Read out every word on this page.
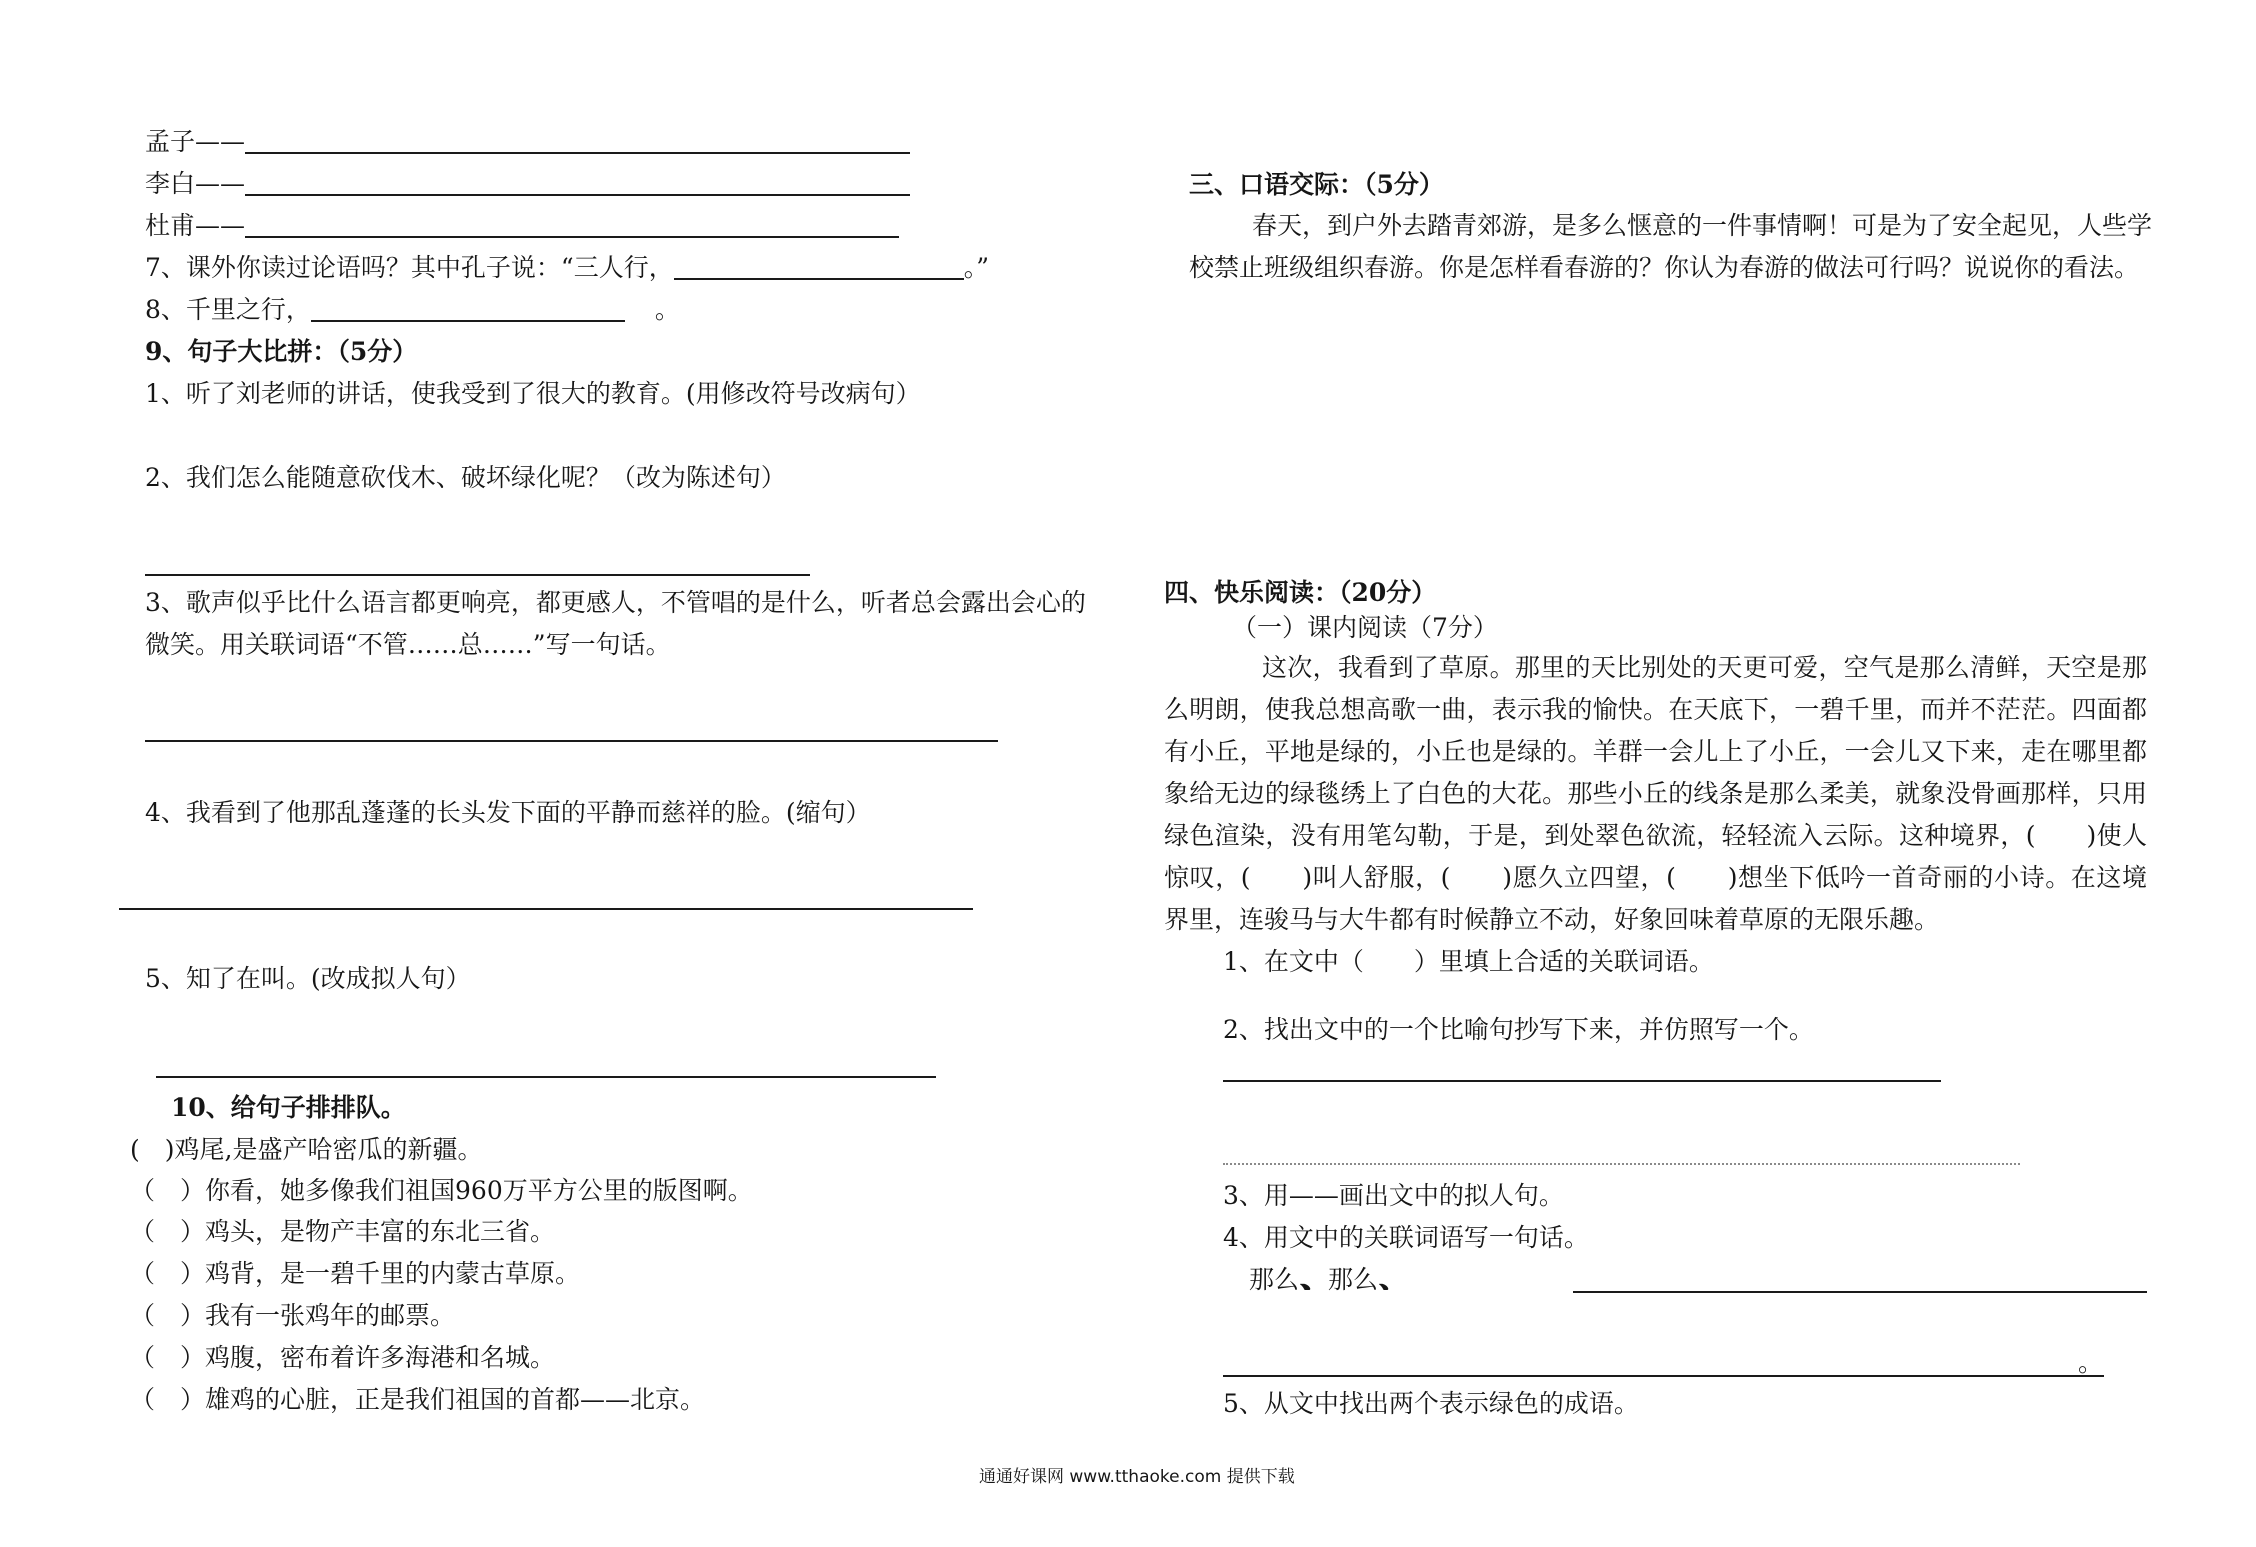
孟子——
李白——
杜甫——
7、课外你读过论语吗？其中孔子说：“三人行，	。”
8、千里之行，	。
9、句子大比拼：（5分）
1、听了刘老师的讲话，使我受到了很大的教育。(用修改符号改病句）
2、我们怎么能随意砍伐木、破坏绿化呢？（改为陈述句）
3、歌声似乎比什么语言都更响亮，都更感人，不管唱的是什么，听者总会露出会心的
微笑。用关联词语“不管……总……”写一句话。
4、我看到了他那乱蓬蓬的长头发下面的平静而慈祥的脸。(缩句）
5、知了在叫。(改成拟人句）
10、给句子排排队。
(　)鸡尾,是盛产哈密瓜的新疆。
（　）你看，她多像我们祖国960万平方公里的版图啊。
（　）鸡头，是物产丰富的东北三省。
（　）鸡背，是一碧千里的内蒙古草原。
（　）我有一张鸡年的邮票。
（　）鸡腹，密布着许多海港和名城。
（　）雄鸡的心脏，正是我们祖国的首都——北京。
三、口语交际：（5分）
春天，到户外去踏青郊游，是多么惬意的一件事情啊！可是为了安全起见，人些学
校禁止班级组织春游。你是怎样看春游的？你认为春游的做法可行吗？说说你的看法。
四、快乐阅读：（20分）
（一）课内阅读（7分）
这次，我看到了草原。那里的天比别处的天更可爱，空气是那么清鲜，天空是那
么明朗，使我总想高歌一曲，表示我的愉快。在天底下，一碧千里，而并不茫茫。四面都
有小丘，平地是绿的，小丘也是绿的。羊群一会儿上了小丘，一会儿又下来，走在哪里都
象给无边的绿毯绣上了白色的大花。那些小丘的线条是那么柔美，就象没骨画那样，只用
绿色渲染，没有用笔勾勒，于是，到处翠色欲流，轻轻流入云际。这种境界，(　　)使人
惊叹，(　　)叫人舒服，(　　)愿久立四望，(　　)想坐下低吟一首奇丽的小诗。在这境
界里，连骏马与大牛都有时候静立不动，好象回味着草原的无限乐趣。
1、在文中（　　）里填上合适的关联词语。
2、找出文中的一个比喻句抄写下来，并仿照写一个。
3、用——画出文中的拟人句。
4、用文中的关联词语写一句话。
那么、、、、、、、、、 那么、、、、、、、
。
5、从文中找出两个表示绿色的成语。
通通好课网 www.tthaoke.com 提供下载
